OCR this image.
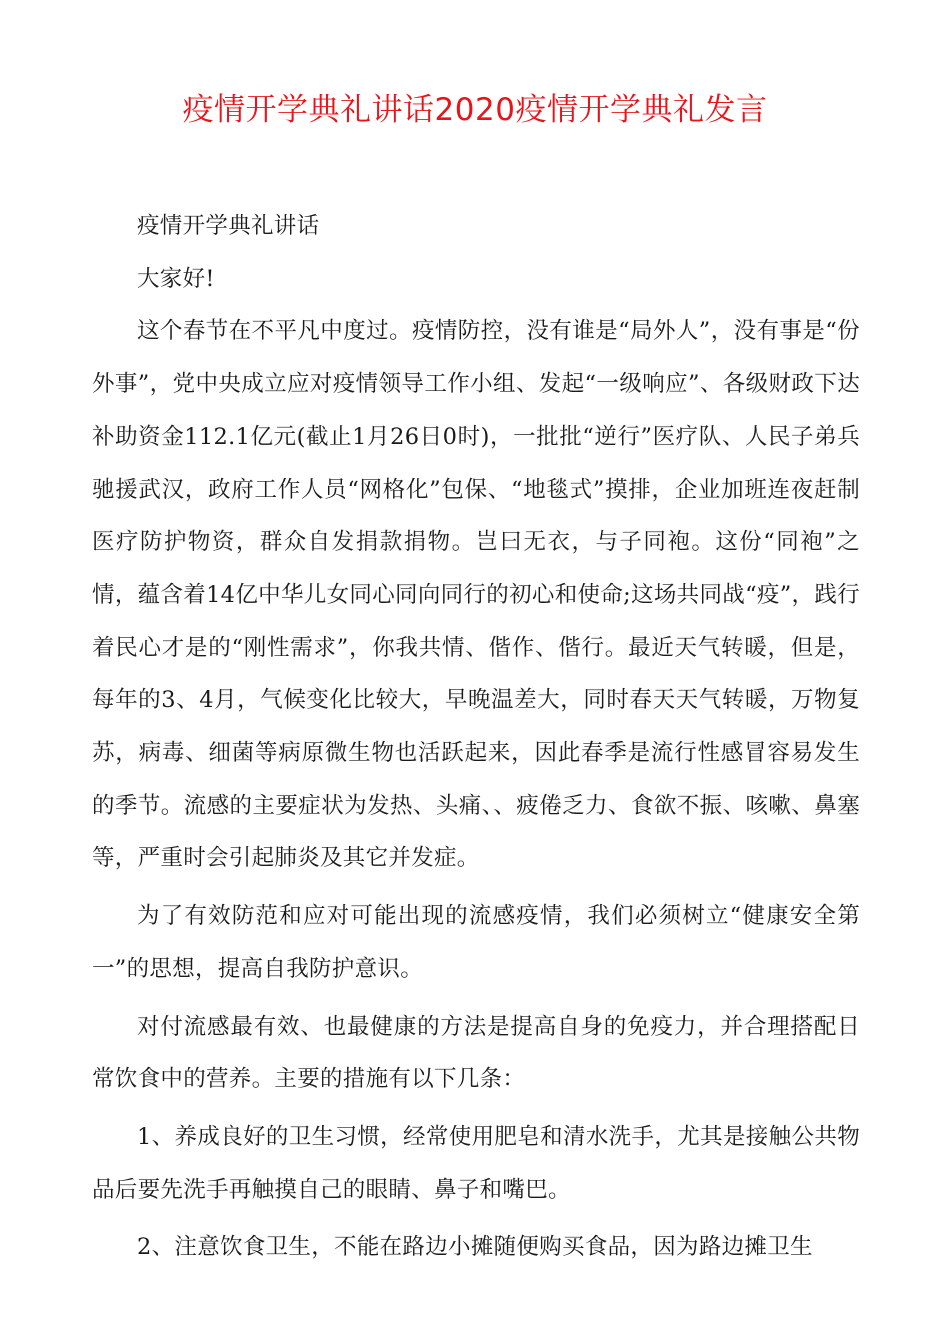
疫情开学典礼讲话2020疫情开学典礼发言

疫情开学典礼讲话

大家好!

这个春节在不平凡中度过。疫情防控，没有谁是“局外人”，没有事是“份外事”，党中央成立应对疫情领导工作小组、发起“一级响应”、各级财政下达补助资金112.1亿元(截止1月26日0时)，一批批“逆行”医疗队、人民子弟兵驰援武汉，政府工作人员“网格化”包保、“地毯式”摸排，企业加班连夜赶制医疗防护物资，群众自发捐款捐物。岂曰无衣，与子同袍。这份“同袍”之情，蕴含着14亿中华儿女同心同向同行的初心和使命;这场共同战“疫”，践行着民心才是的“刚性需求”，你我共情、偕作、偕行。最近天气转暖，但是，每年的3、4月，气候变化比较大，早晚温差大，同时春天天气转暖，万物复苏，病毒、细菌等病原微生物也活跃起来，因此春季是流行性感冒容易发生的季节。流感的主要症状为发热、头痛、、疲倦乏力、食欲不振、咳嗽、鼻塞等，严重时会引起肺炎及其它并发症。

为了有效防范和应对可能出现的流感疫情，我们必须树立“健康安全第一”的思想，提高自我防护意识。

对付流感最有效、也最健康的方法是提高自身的免疫力，并合理搭配日常饮食中的营养。主要的措施有以下几条：

1、养成良好的卫生习惯，经常使用肥皂和清水洗手，尤其是接触公共物品后要先洗手再触摸自己的眼睛、鼻子和嘴巴。

2、注意饮食卫生，不能在路边小摊随便购买食品，因为路边摊卫生
